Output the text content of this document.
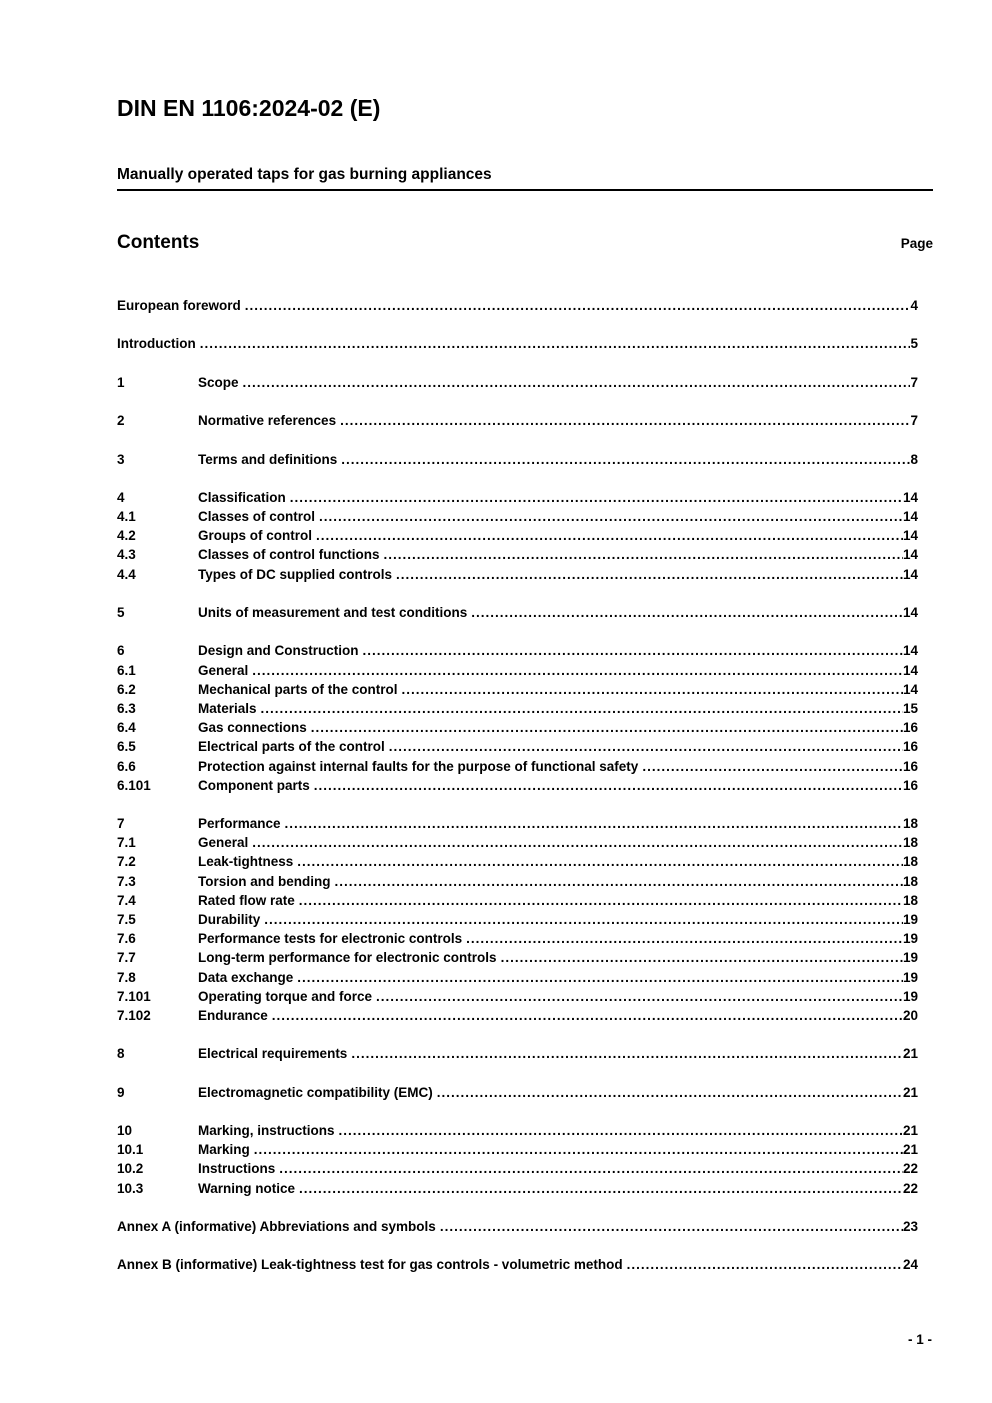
DIN EN 1106:2024-02 (E)
Manually operated taps for gas burning appliances
Contents	Page
European foreword .....	4
Introduction .....	5
1	Scope .....	7
2	Normative references .....	7
3	Terms and definitions .....	8
4	Classification .....	14
4.1	Classes of control .....	14
4.2	Groups of control .....	14
4.3	Classes of control functions .....	14
4.4	Types of DC supplied controls .....	14
5	Units of measurement and test conditions .....	14
6	Design and Construction .....	14
6.1	General .....	14
6.2	Mechanical parts of the control .....	14
6.3	Materials .....	15
6.4	Gas connections .....	16
6.5	Electrical parts of the control .....	16
6.6	Protection against internal faults for the purpose of functional safety .....	16
6.101	Component parts .....	16
7	Performance .....	18
7.1	General .....	18
7.2	Leak-tightness .....	18
7.3	Torsion and bending .....	18
7.4	Rated flow rate .....	18
7.5	Durability .....	19
7.6	Performance tests for electronic controls .....	19
7.7	Long-term performance for electronic controls .....	19
7.8	Data exchange .....	19
7.101	Operating torque and force .....	19
7.102	Endurance .....	20
8	Electrical requirements .....	21
9	Electromagnetic compatibility (EMC) .....	21
10	Marking, instructions .....	21
10.1	Marking .....	21
10.2	Instructions .....	22
10.3	Warning notice .....	22
Annex A (informative) Abbreviations and symbols .....	23
Annex B (informative) Leak-tightness test for gas controls - volumetric method .....	24
- 1 -
